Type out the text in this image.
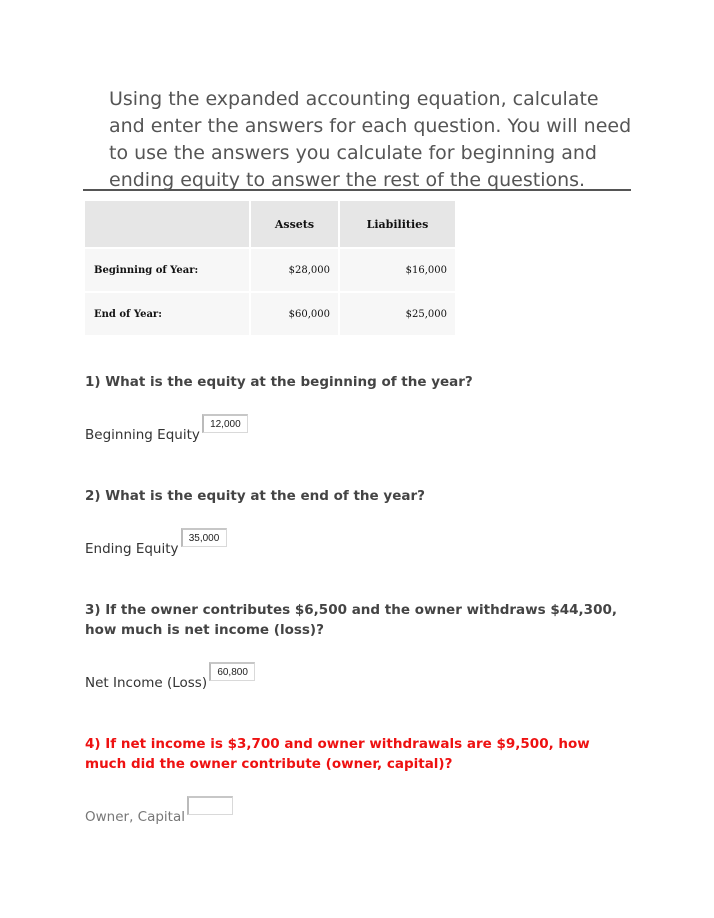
Using the expanded accounting equation, calculate and enter the answers for each question. You will need to use the answers you calculate for beginning and ending equity to answer the rest of the questions.

	Assets	Liabilities
Beginning of Year:	$28,000	$16,000
End of Year:	$60,000	$25,000

1) What is the equity at the beginning of the year?

Beginning Equity
12,000

2) What is the equity at the end of the year?

Ending Equity
35,000

3) If the owner contributes $6,500 and the owner withdraws $44,300, how much is net income (loss)?

Net Income (Loss)
60,800

4) If net income is $3,700 and owner withdrawals are $9,500, how much did the owner contribute (owner, capital)?

Owner, Capital
